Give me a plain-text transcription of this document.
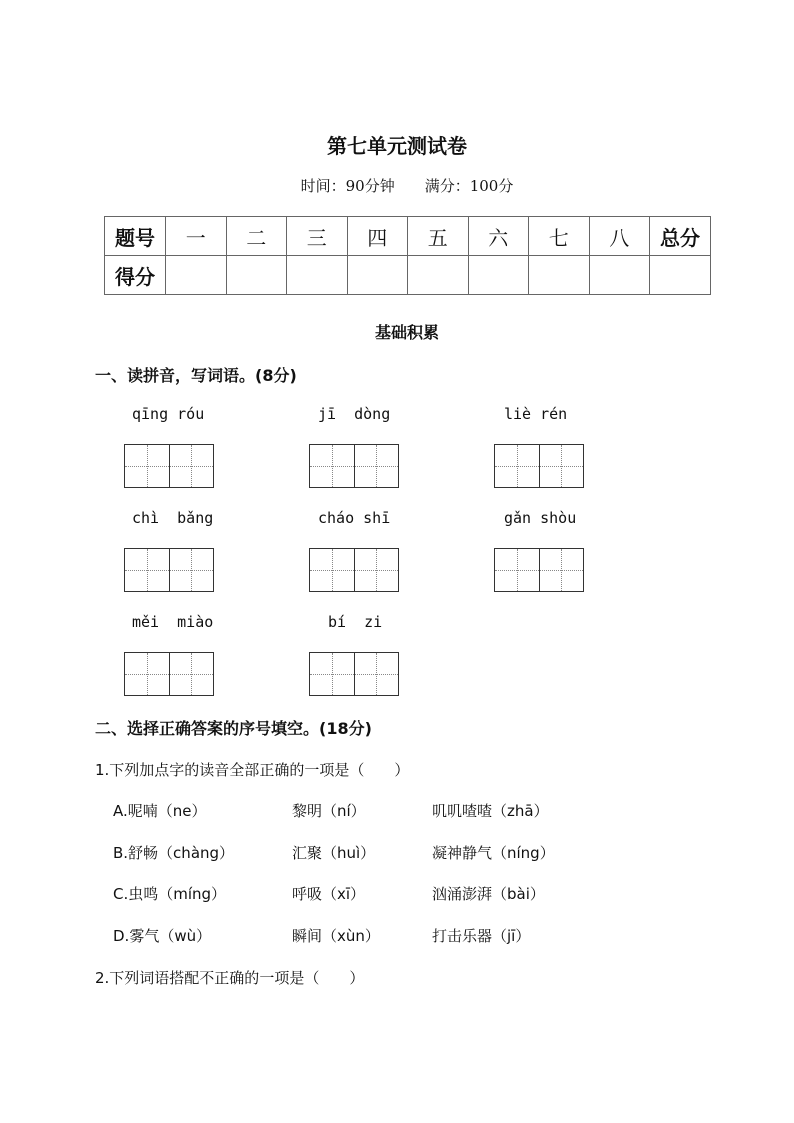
第七单元测试卷
时间：90分钟 满分：100分
题号	一	二	三	四	五	六	七	八	总分
得分									
基础积累
一、读拼音，写词语。(8分)
qīng róu	jī  dòng	liè rén
chì  bǎng	cháo shī	gǎn shòu
měi  miào	bí  zi
二、选择正确答案的序号填空。(18分)
1.下列加点字的读音全部正确的一项是（　　）
A.呢喃（ne）	黎明（ní）	叽叽喳喳（zhā）
B.舒畅（chàng）	汇聚（huì）	凝神静气（níng）
C.虫鸣（míng）	呼吸（xī）	汹涌澎湃（bài）
D.雾气（wù）	瞬间（xùn）	打击乐器（jī）
2.下列词语搭配不正确的一项是（　　）
